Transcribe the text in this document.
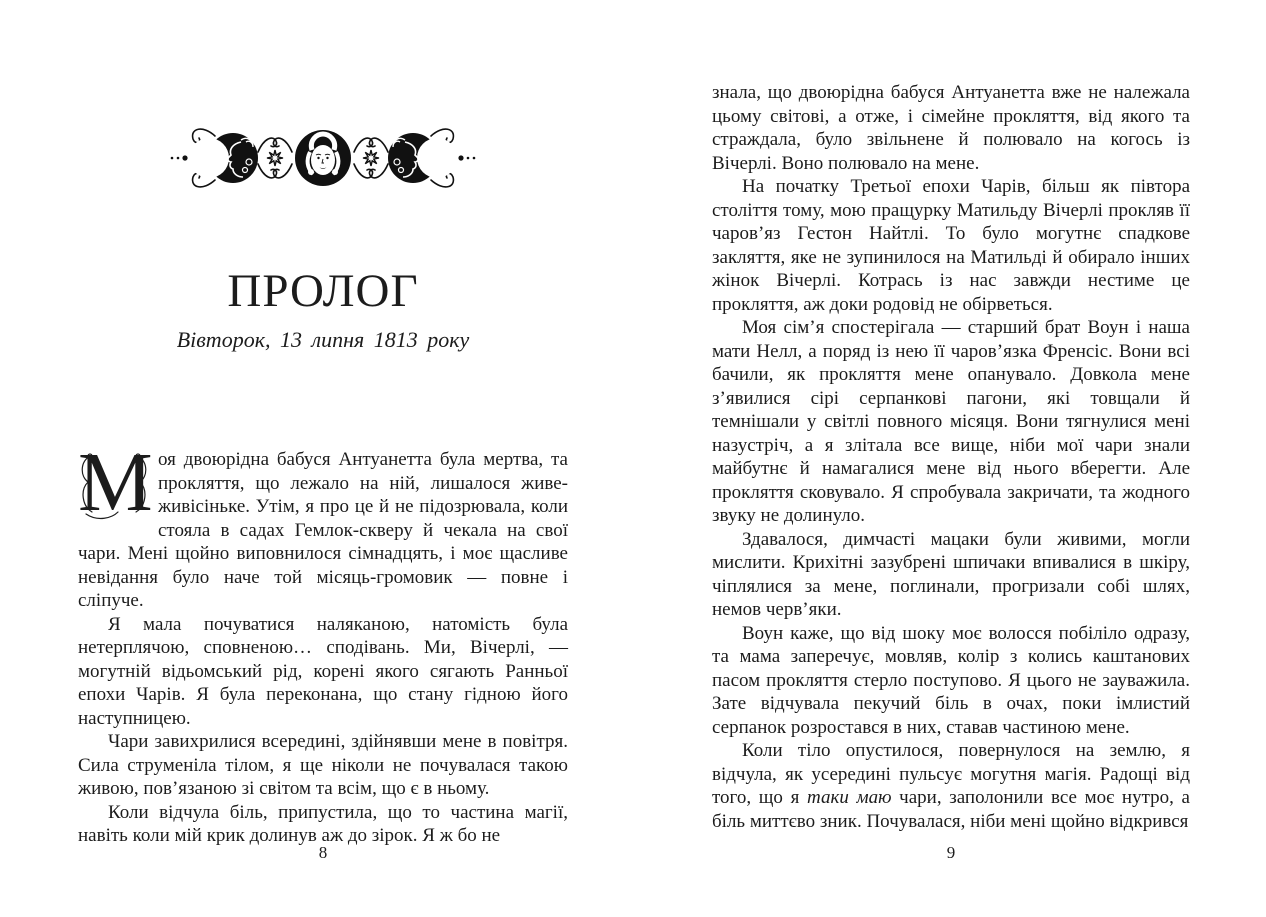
ПРОЛОГ
Вівторок, 13 липня 1813 року

М оя двоюрідна бабуся Антуанетта була мертва, та прокляття, що лежало на ній, лишалося живе-живісіньке. Утім, я про це й не підозрювала, коли стояла в садах Гемлок-скверу й чекала на свої чари. Мені щойно виповнилося сімнадцять, і моє щасливе невідання було наче той місяць-громовик — повне і сліпуче.

Я мала почуватися наляканою, натомість була нетерплячою, сповненою… сподівань. Ми, Вічерлі, — могутній відьомський рід, корені якого сягають Ранньої епохи Чарів. Я була переконана, що стану гідною його наступницею.

Чари завихрилися всередині, здійнявши мене в повітря. Сила струменіла тілом, я ще ніколи не почувалася такою живою, пов’язаною зі світом та всім, що є в ньому.

Коли відчула біль, припустила, що то частина магії, навіть коли мій крик долинув аж до зірок. Я ж бо не

8

знала, що двоюрідна бабуся Антуанетта вже не належала цьому світові, а отже, і сімейне прокляття, від якого та страждала, було звільнене й полювало на когось із Вічерлі. Воно полювало на мене.

На початку Третьої епохи Чарів, більш як півтора століття тому, мою пращурку Матильду Вічерлі прокляв її чаров’яз Гестон Найтлі. То було могутнє спадкове закляття, яке не зупинилося на Матильді й обирало інших жінок Вічерлі. Котрась із нас завжди нестиме це прокляття, аж доки родовід не обірветься.

Моя сім’я спостерігала — старший брат Воун і наша мати Нелл, а поряд із нею її чаров’язка Френсіс. Вони всі бачили, як прокляття мене опанувало. Довкола мене з’явилися сірі серпанкові пагони, які товщали й темнішали у світлі повного місяця. Вони тягнулися мені назустріч, а я злітала все вище, ніби мої чари знали майбутнє й намагалися мене від нього вберегти. Але прокляття сковувало. Я спробувала закричати, та жодного звуку не долинуло.

Здавалося, димчасті мацаки були живими, могли мислити. Крихітні зазубрені шпичаки впивалися в шкіру, чіплялися за мене, поглинали, прогризали собі шлях, немов черв’яки.

Воун каже, що від шоку моє волосся побіліло одразу, та мама заперечує, мовляв, колір з колись каштанових пасом прокляття стерло поступово. Я цього не зауважила. Зате відчувала пекучий біль в очах, поки імлистий серпанок розростався в них, ставав частиною мене.

Коли тіло опустилося, повернулося на землю, я відчула, як усередині пульсує могутня магія. Радощі від того, що я таки маю чари, заполонили все моє нутро, а біль миттєво зник. Почувалася, ніби мені щойно відкрився

9
